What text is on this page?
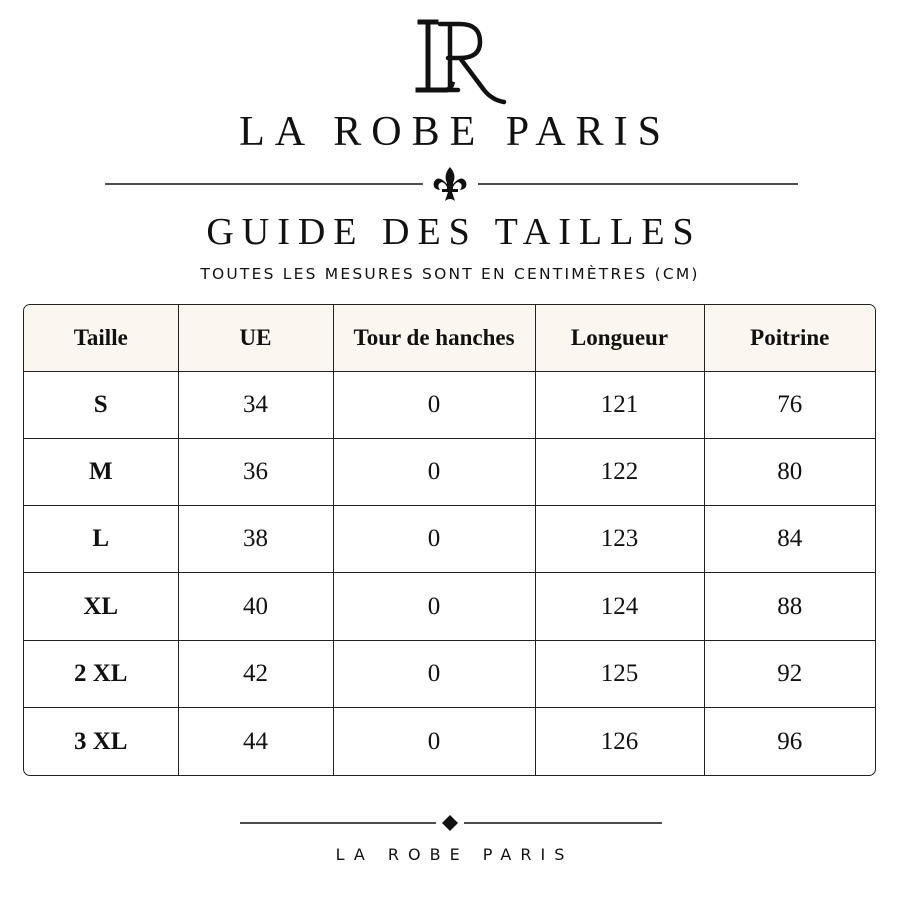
LA ROBE PARIS
GUIDE DES TAILLES
TOUTES LES MESURES SONT EN CENTIMÈTRES (CM)
Taille	UE	Tour de hanches	Longueur	Poitrine
S	34	0	121	76
M	36	0	122	80
L	38	0	123	84
XL	40	0	124	88
2 XL	42	0	125	92
3 XL	44	0	126	96
LA ROBE PARIS
